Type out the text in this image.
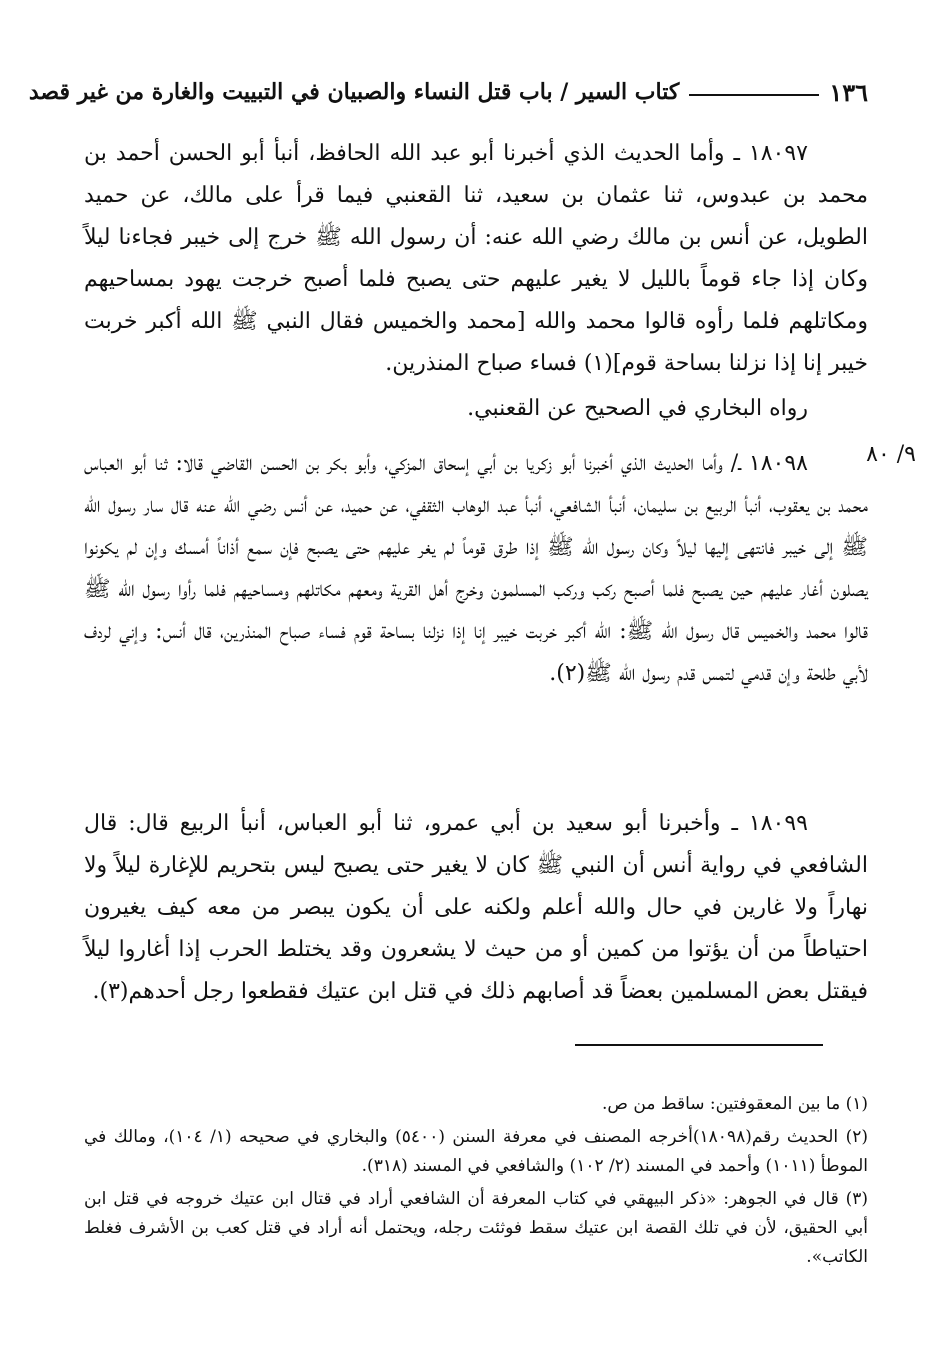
١٣٦
كتاب السير / باب قتل النساء والصبيان في التبييت والغارة من غير قصد
٩/ ٨٠

١٨٠٩٧ ـ وأما الحديث الذي أخبرنا أبو عبد الله الحافظ، أنبأ أبو الحسن أحمد بن محمد بن عبدوس، ثنا عثمان بن سعيد، ثنا القعنبي فيما قرأ على مالك، عن حميد الطويل، عن أنس بن مالك رضي الله عنه: أن رسول الله ﷺ خرج إلى خيبر فجاءنا ليلاً وكان إذا جاء قوماً بالليل لا يغير عليهم حتى يصبح فلما أصبح خرجت يهود بمساحيهم ومكاتلهم فلما رأوه قالوا محمد والله [محمد والخميس فقال النبي ﷺ الله أكبر خربت خيبر إنا إذا نزلنا بساحة قوم](١) فساء صباح المنذرين.

رواه البخاري في الصحيح عن القعنبي.

١٨٠٩٨ ـ/ وأما الحديث الذي أخبرنا أبو زكريا بن أبي إسحاق المزكي، وأبو بكر بن الحسن القاضي قالا: ثنا أبو العباس محمد بن يعقوب، أنبأ الربيع بن سليمان، أنبأ الشافعي، أنبأ عبد الوهاب الثقفي، عن حميد، عن أنس رضي الله عنه قال سار رسول الله ﷺ إلى خيبر فانتهى إليها ليلاً وكان رسول الله ﷺ إذا طرق قوماً لم يغر عليهم حتى يصبح فإن سمع أذاناً أمسك وإن لم يكونوا يصلون أغار عليهم حين يصبح فلما أصبح ركب وركب المسلمون وخرج أهل القرية ومعهم مكاتلهم ومساحيهم فلما رأوا رسول الله ﷺ قالوا محمد والخميس قال رسول الله ﷺ: الله أكبر خربت خيبر إنا إذا نزلنا بساحة قوم فساء صباح المنذرين، قال أنس: وإني لردف لأبي طلحة وإن قدمي لتمس قدم رسول الله ﷺ(٢).

١٨٠٩٩ ـ وأخبرنا أبو سعيد بن أبي عمرو، ثنا أبو العباس، أنبأ الربيع قال: قال الشافعي في رواية أنس أن النبي ﷺ كان لا يغير حتى يصبح ليس بتحريم للإغارة ليلاً ولا نهاراً ولا غارين في حال والله أعلم ولكنه على أن يكون يبصر من معه كيف يغيرون احتياطاً من أن يؤتوا من كمين أو من حيث لا يشعرون وقد يختلط الحرب إذا أغاروا ليلاً فيقتل بعض المسلمين بعضاً قد أصابهم ذلك في قتل ابن عتيك فقطعوا رجل أحدهم(٣).

(١) ما بين المعقوفتين: ساقط من ص.

(٢) الحديث رقم(١٨٠٩٨)أخرجه المصنف في معرفة السنن (٥٤٠٠) والبخاري في صحيحه (١/ ١٠٤)، ومالك في الموطأ (١٠١١) وأحمد في المسند (٢/ ١٠٢) والشافعي في المسند (٣١٨).

(٣) قال في الجوهر: «ذكر البيهقي في كتاب المعرفة أن الشافعي أراد في قتال ابن عتيك خروجه في قتل ابن أبي الحقيق، لأن في تلك القصة ابن عتيك سقط فوثئت رجله، ويحتمل أنه أراد في قتل كعب بن الأشرف فغلط الكاتب».
